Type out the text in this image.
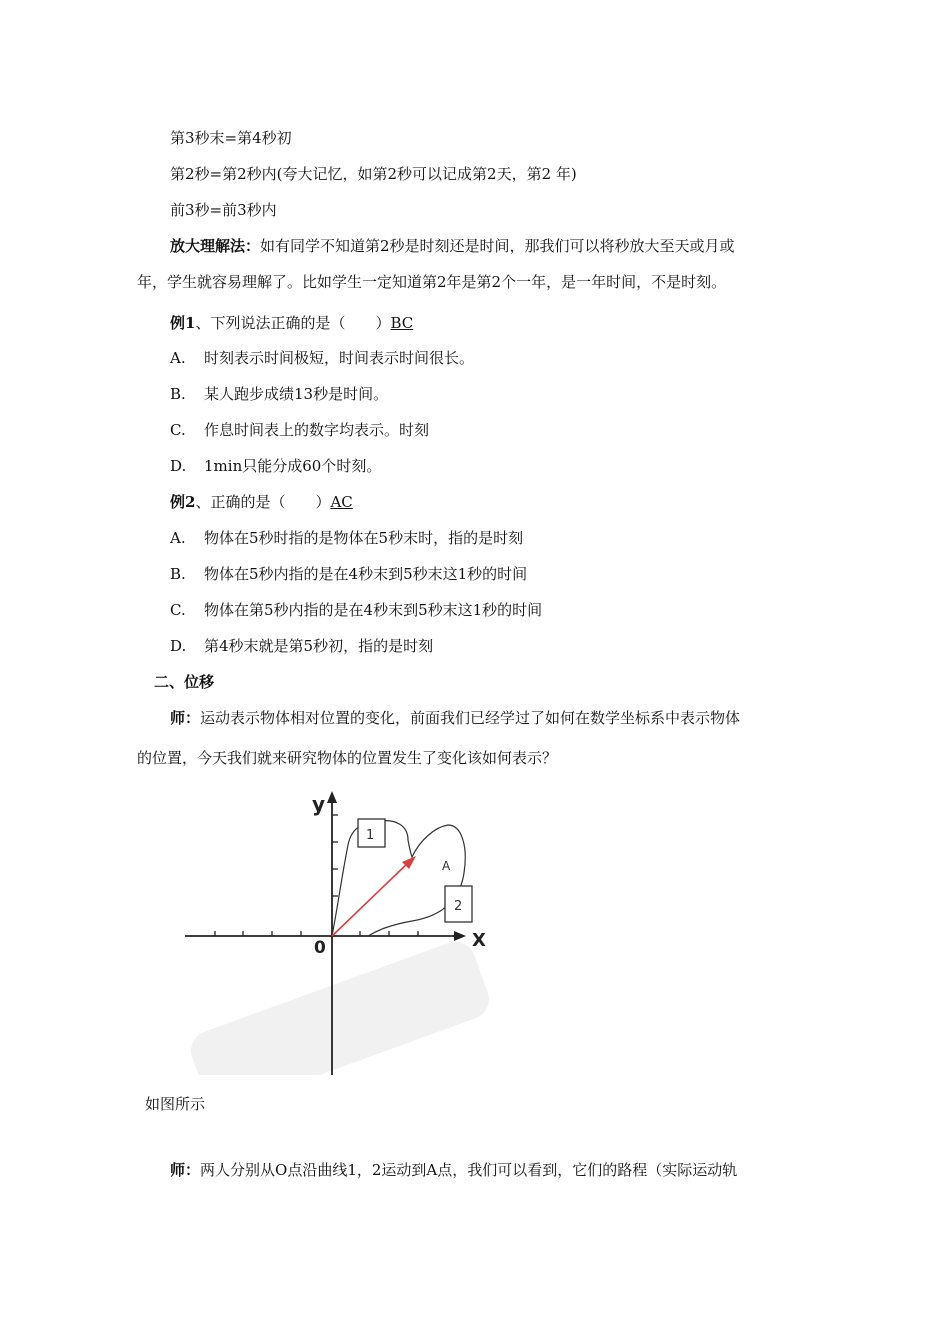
第3秒末=第4秒初
第2秒=第2秒内(夸大记忆，如第2秒可以记成第2天，第2 年)
前3秒=前3秒内
放大理解法：如有同学不知道第2秒是时刻还是时间，那我们可以将秒放大至天或月或
年，学生就容易理解了。比如学生一定知道第2年是第2个一年，是一年时间，不是时刻。
例1、下列说法正确的是（　　）BC
A. 时刻表示时间极短，时间表示时间很长。
B. 某人跑步成绩13秒是时间。
C. 作息时间表上的数字均表示。时刻
D. 1min只能分成60个时刻。
例2、正确的是（　　）AC
A. 物体在5秒时指的是物体在5秒末时，指的是时刻
B. 物体在5秒内指的是在4秒末到5秒末这1秒的时间
C. 物体在第5秒内指的是在4秒末到5秒末这1秒的时间
D. 第4秒末就是第5秒初，指的是时刻
二、位移
师：运动表示物体相对位置的变化，前面我们已经学过了如何在数学坐标系中表示物体
的位置，今天我们就来研究物体的位置发生了变化该如何表示？
y
X
0
1
2
A
如图所示
师：两人分别从O点沿曲线1，2运动到A点，我们可以看到，它们的路程（实际运动轨
